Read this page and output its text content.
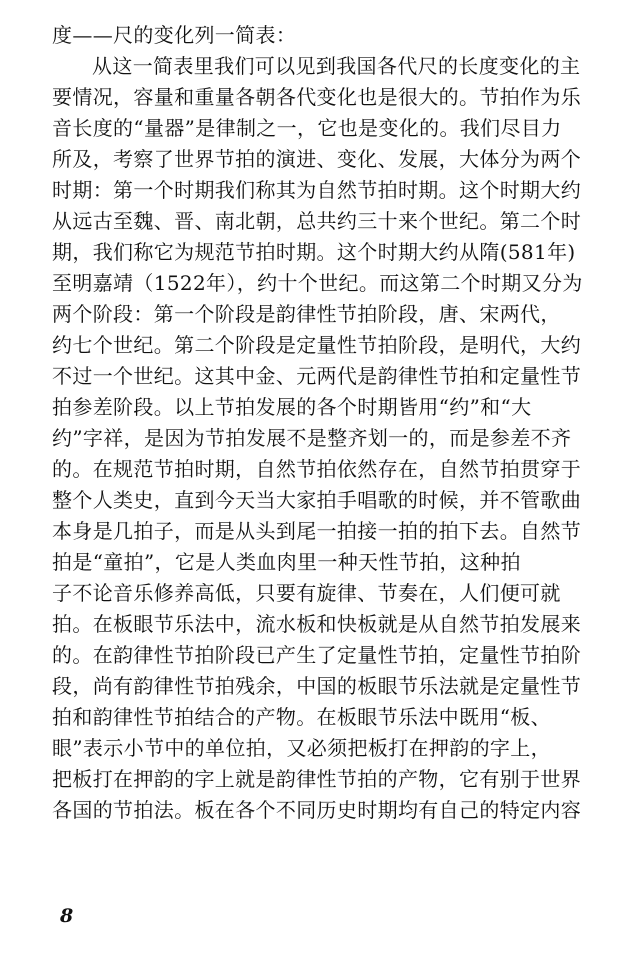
度——尺的变化列一简表：
从这一简表里我们可以见到我国各代尺的长度变化的主
要情况，容量和重量各朝各代变化也是很大的。节拍作为乐
音长度的“量器”是律制之一，它也是变化的。我们尽目力
所及，考察了世界节拍的演进、变化、发展，大体分为两个
时期：第一个时期我们称其为自然节拍时期。这个时期大约
从远古至魏、晋、南北朝，总共约三十来个世纪。第二个时
期，我们称它为规范节拍时期。这个时期大约从隋(581年)
至明嘉靖（1522年），约十个世纪。而这第二个时期又分为
两个阶段：第一个阶段是韵律性节拍阶段，唐、宋两代，
约七个世纪。第二个阶段是定量性节拍阶段，是明代，大约
不过一个世纪。这其中金、元两代是韵律性节拍和定量性节
拍参差阶段。以上节拍发展的各个时期皆用“约”和“大
约”字祥，是因为节拍发展不是整齐划一的，而是参差不齐
的。在规范节拍时期，自然节拍依然存在，自然节拍贯穿于
整个人类史，直到今天当大家拍手唱歌的时候，并不管歌曲
本身是几拍子，而是从头到尾一拍接一拍的拍下去。自然节
拍是“童拍”，它是人类血肉里一种天性节拍，这种拍
子不论音乐修养高低，只要有旋律、节奏在，人们便可就
拍。在板眼节乐法中，流水板和快板就是从自然节拍发展来
的。在韵律性节拍阶段已产生了定量性节拍，定量性节拍阶
段，尚有韵律性节拍残余，中国的板眼节乐法就是定量性节
拍和韵律性节拍结合的产物。在板眼节乐法中既用“板、
眼”表示小节中的单位拍，又必须把板打在押韵的字上，
把板打在押韵的字上就是韵律性节拍的产物，它有别于世界
各国的节拍法。板在各个不同历史时期均有自己的特定内容
8
